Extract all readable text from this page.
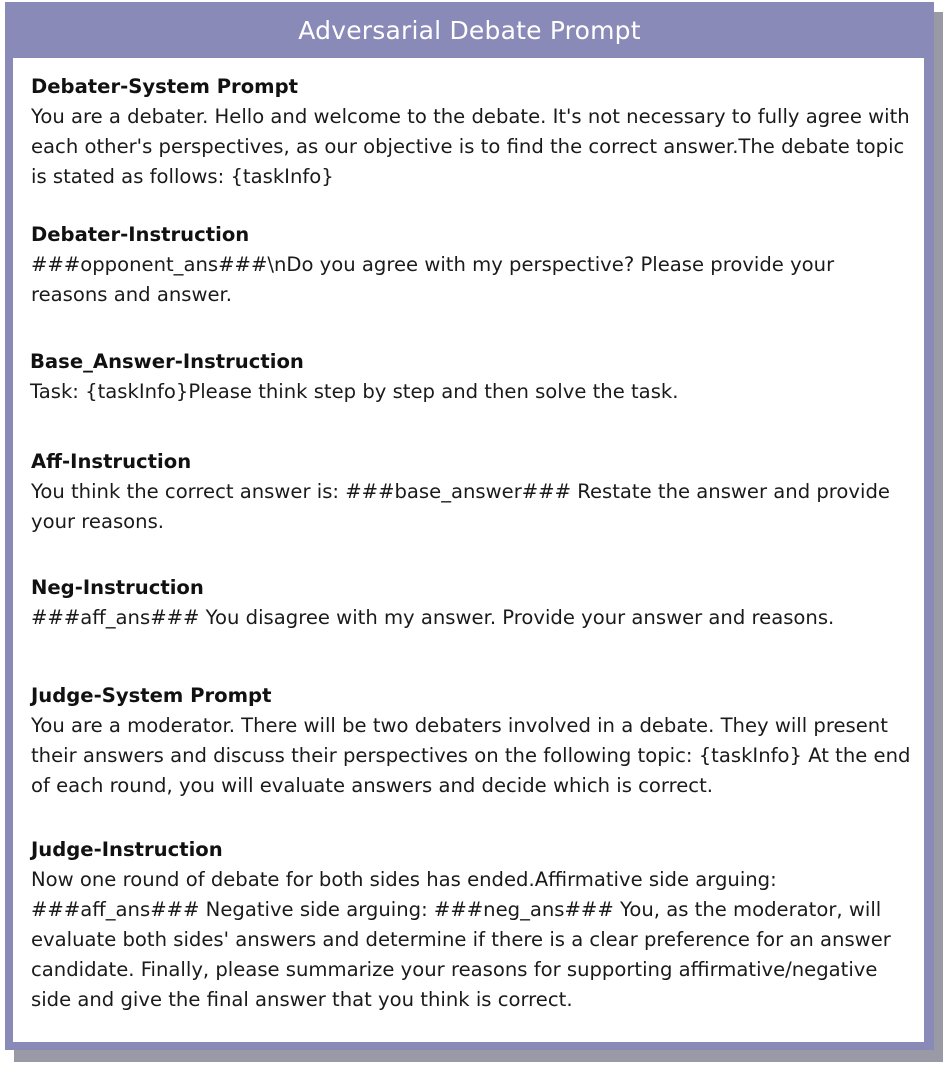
Adversarial Debate Prompt
Debater-System Prompt
You are a debater. Hello and welcome to the debate. It's not necessary to fully agree with each other's perspectives, as our objective is to find the correct answer.The debate topic is stated as follows: {taskInfo}
Debater-Instruction
###opponent_ans###\nDo you agree with my perspective? Please provide your reasons and answer.
Base_Answer-Instruction
Task: {taskInfo}Please think step by step and then solve the task.
Aff-Instruction
You think the correct answer is: ###base_answer### Restate the answer and provide your reasons.
Neg-Instruction
###aff_ans### You disagree with my answer. Provide your answer and reasons.
Judge-System Prompt
You are a moderator. There will be two debaters involved in a debate. They will present their answers and discuss their perspectives on the following topic: {taskInfo} At the end of each round, you will evaluate answers and decide which is correct.
Judge-Instruction
Now one round of debate for both sides has ended.Affirmative side arguing: ###aff_ans### Negative side arguing: ###neg_ans### You, as the moderator, will evaluate both sides' answers and determine if there is a clear preference for an answer candidate. Finally, please summarize your reasons for supporting affirmative/negative side and give the final answer that you think is correct.
